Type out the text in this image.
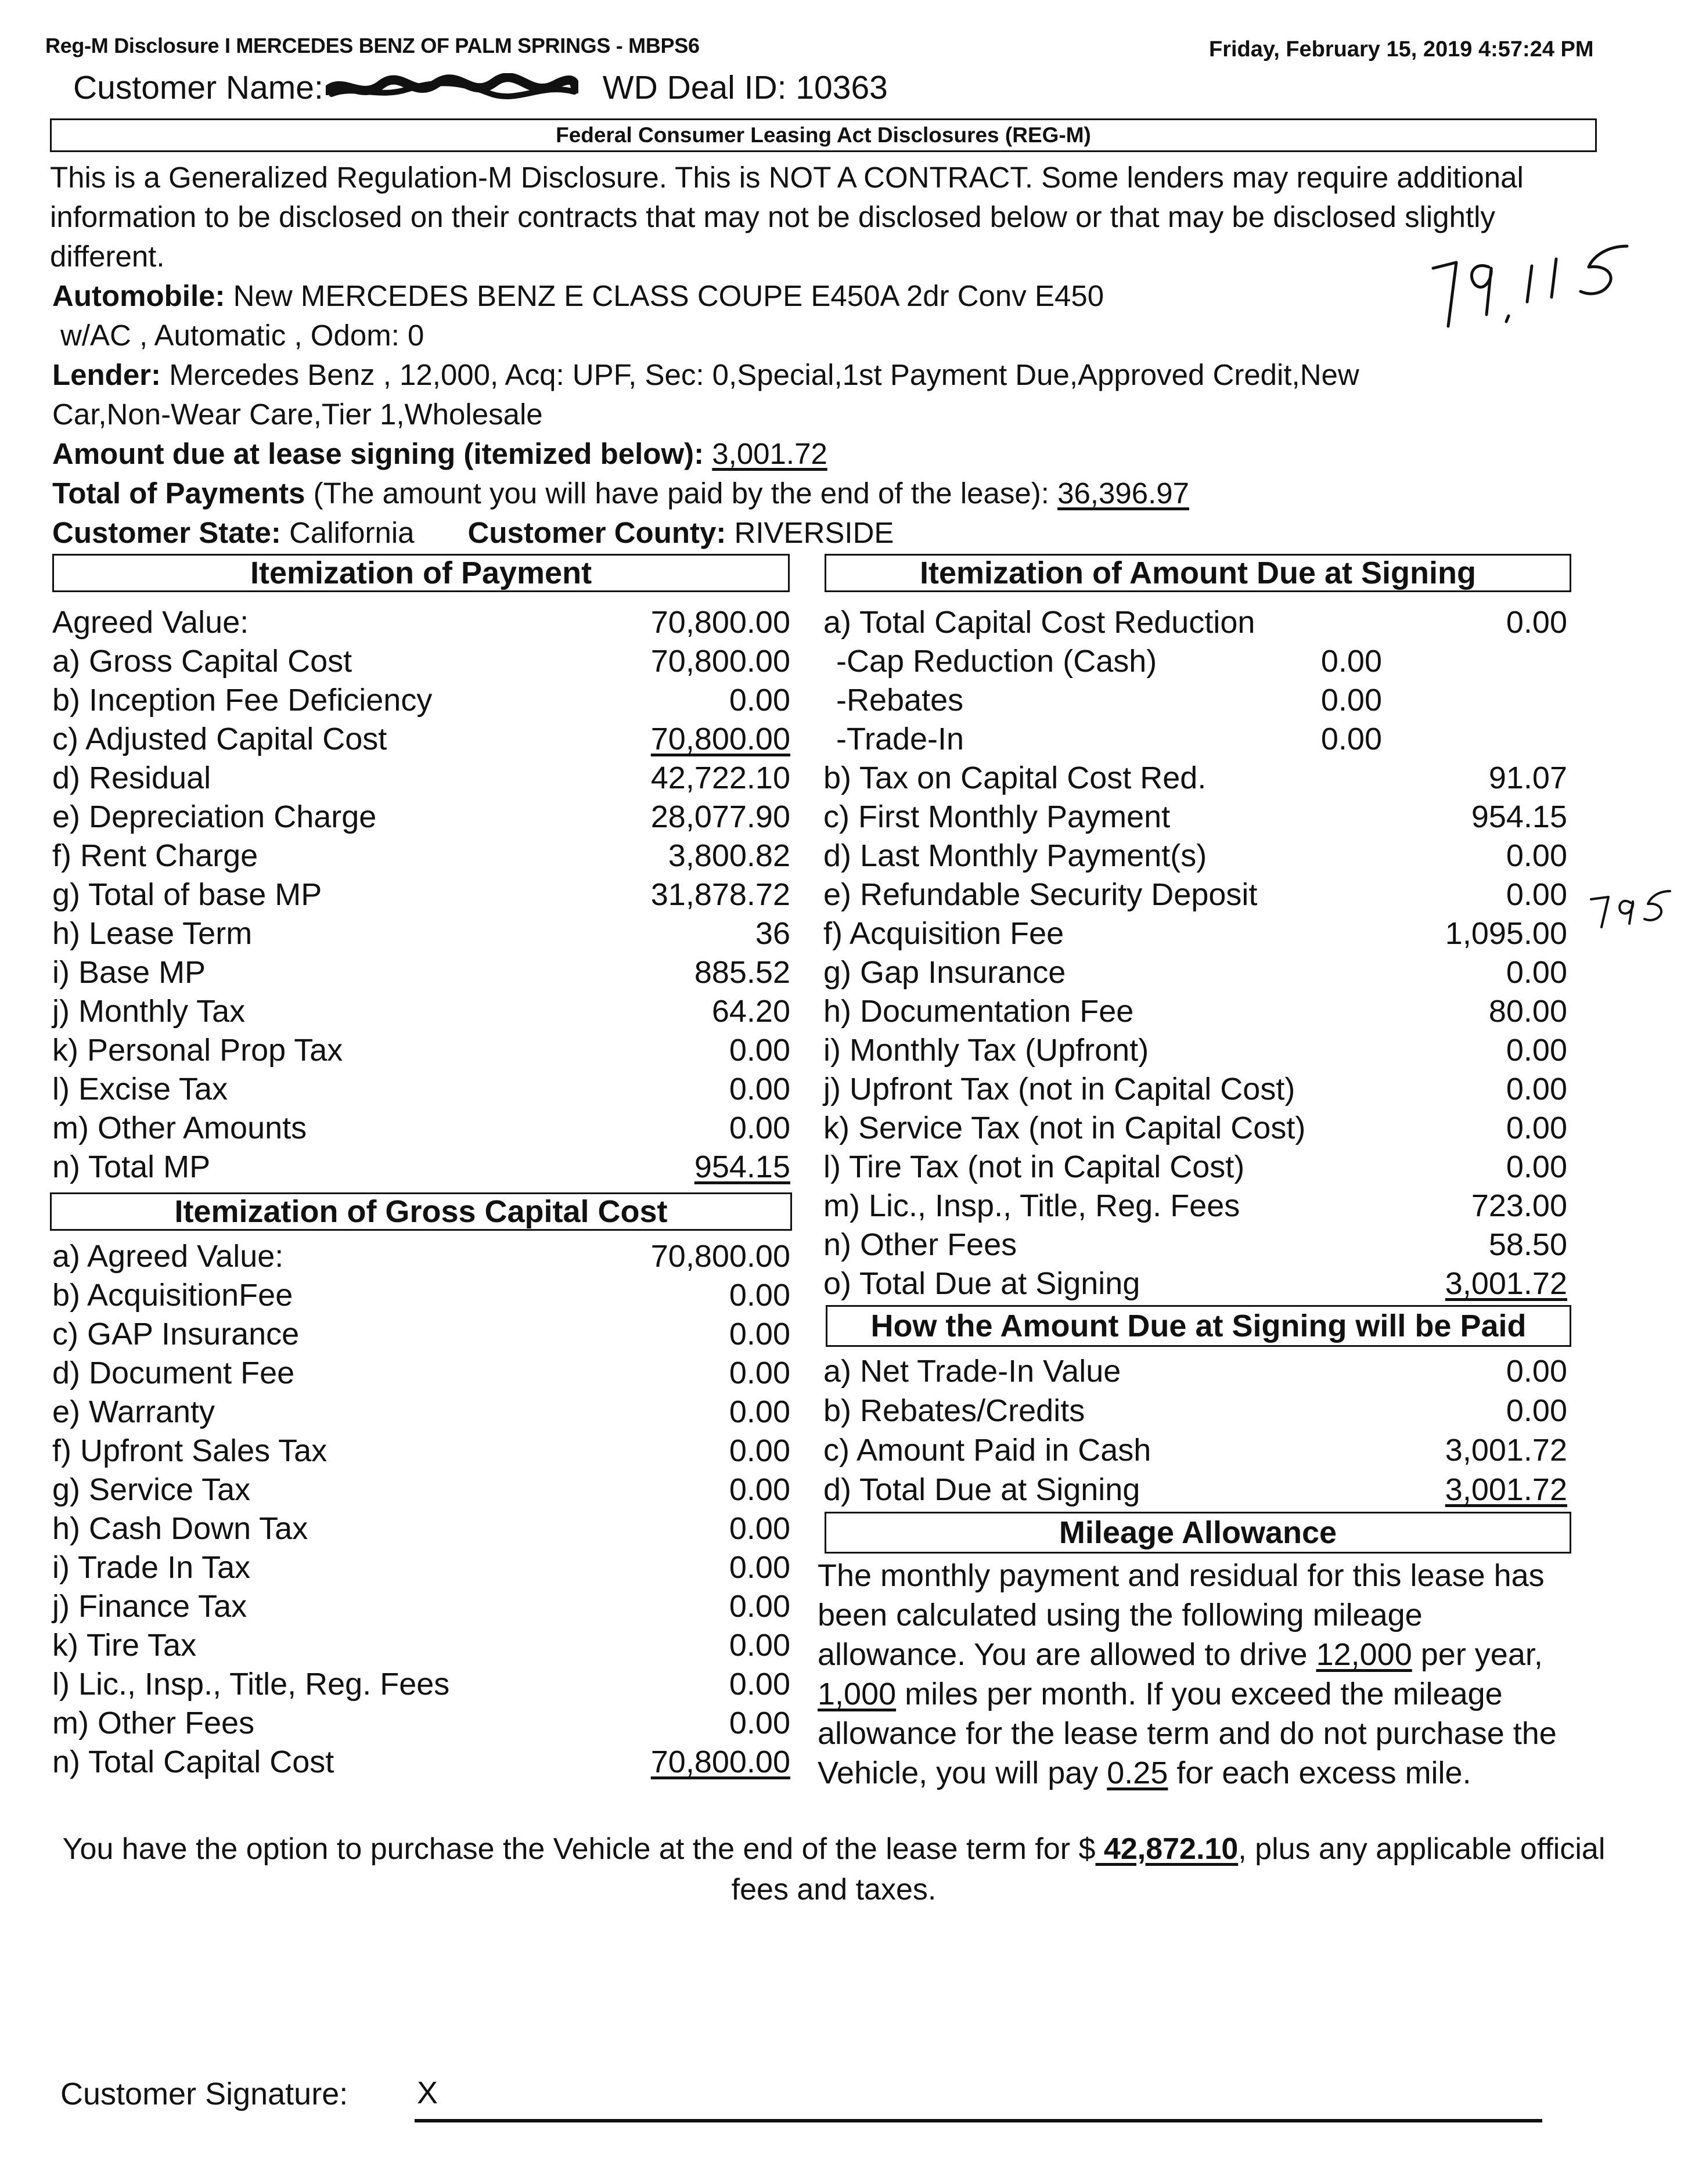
Reg-M Disclosure I MERCEDES BENZ OF PALM SPRINGS - MBPS6	Friday, February 15, 2019 4:57:24 PM
Customer Name:	WD Deal ID: 10363
Federal Consumer Leasing Act Disclosures (REG-M)
This is a Generalized Regulation-M Disclosure. This is NOT A CONTRACT. Some lenders may require additional information to be disclosed on their contracts that may not be disclosed below or that may be disclosed slightly different.
Automobile: New MERCEDES BENZ E CLASS COUPE E450A 2dr Conv E450
w/AC , Automatic , Odom: 0
Lender: Mercedes Benz , 12,000, Acq: UPF, Sec: 0,Special,1st Payment Due,Approved Credit,New
Car,Non-Wear Care,Tier 1,Wholesale
Amount due at lease signing (itemized below): 3,001.72
Total of Payments (The amount you will have paid by the end of the lease): 36,396.97
Customer State: California Customer County: RIVERSIDE
Itemization of Payment	Itemization of Amount Due at Signing
Itemization of Gross Capital Cost
How the Amount Due at Signing will be Paid
Mileage Allowance
Agreed Value:	70,800.00
a) Gross Capital Cost	70,800.00
b) Inception Fee Deficiency	0.00
c) Adjusted Capital Cost	70,800.00
d) Residual	42,722.10
e) Depreciation Charge	28,077.90
f) Rent Charge	3,800.82
g) Total of base MP	31,878.72
h) Lease Term	36
i) Base MP	885.52
j) Monthly Tax	64.20
k) Personal Prop Tax	0.00
l) Excise Tax	0.00
m) Other Amounts	0.00
n) Total MP	954.15
a) Agreed Value:	70,800.00
b) AcquisitionFee	0.00
c) GAP Insurance	0.00
d) Document Fee	0.00
e) Warranty	0.00
f) Upfront Sales Tax	0.00
g) Service Tax	0.00
h) Cash Down Tax	0.00
i) Trade In Tax	0.00
j) Finance Tax	0.00
k) Tire Tax	0.00
l) Lic., Insp., Title, Reg. Fees	0.00
m) Other Fees	0.00
n) Total Capital Cost	70,800.00
a) Total Capital Cost Reduction	0.00
-Cap Reduction (Cash)	0.00
-Rebates	0.00
-Trade-In	0.00
b) Tax on Capital Cost Red.	91.07
c) First Monthly Payment	954.15
d) Last Monthly Payment(s)	0.00
e) Refundable Security Deposit	0.00
f) Acquisition Fee	1,095.00
g) Gap Insurance	0.00
h) Documentation Fee	80.00
i) Monthly Tax (Upfront)	0.00
j) Upfront Tax (not in Capital Cost)	0.00
k) Service Tax (not in Capital Cost)	0.00
l) Tire Tax (not in Capital Cost)	0.00
m) Lic., Insp., Title, Reg. Fees	723.00
n) Other Fees	58.50
o) Total Due at Signing	3,001.72
a) Net Trade-In Value	0.00
b) Rebates/Credits	0.00
c) Amount Paid in Cash	3,001.72
d) Total Due at Signing	3,001.72
The monthly payment and residual for this lease has been calculated using the following mileage allowance. You are allowed to drive 12,000 per year, 1,000 miles per month. If you exceed the mileage allowance for the lease term and do not purchase the Vehicle, you will pay 0.25 for each excess mile.
You have the option to purchase the Vehicle at the end of the lease term for $ 42,872.10, plus any applicable official fees and taxes.
Customer Signature: X
